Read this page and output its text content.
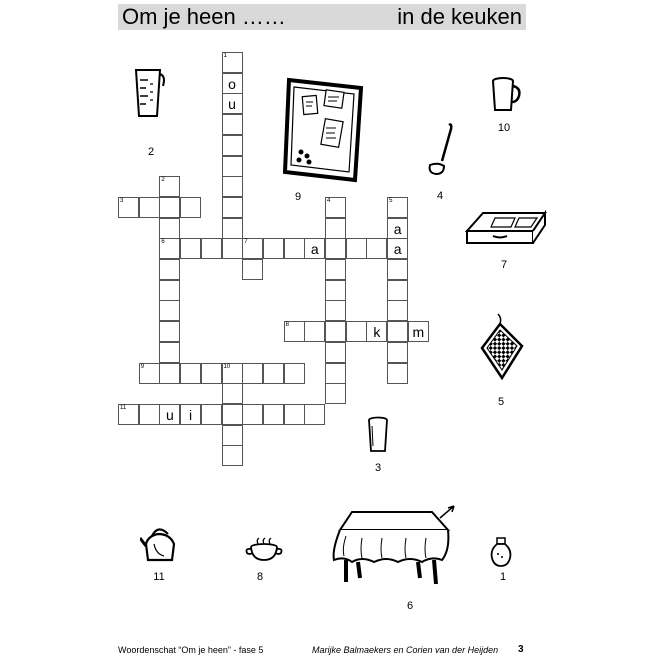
Om je heen ……	in de keuken
1
o
u
2
6
3	4	5
a
a
7	a
8	k	m
9	10
11	u	i
2
9
10
4
7
5
3
11	8
6
1
Woordenschat “Om je heen” - fase 5	Marijke Balmaekers en Corien van der Heijden 3
